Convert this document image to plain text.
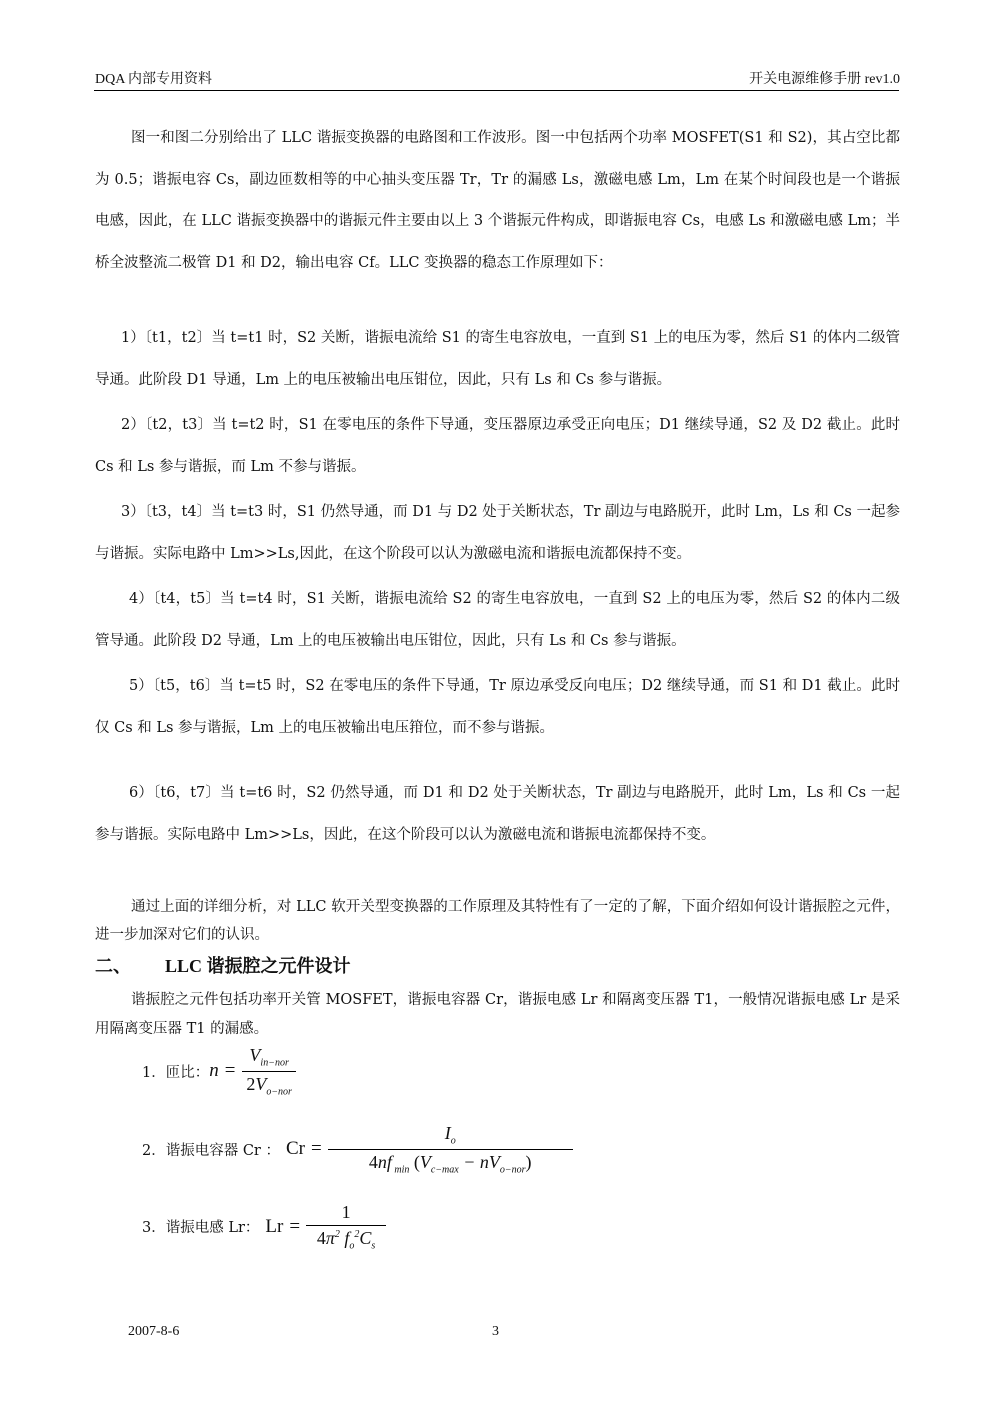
DQA 内部专用资料	开关电源维修手册 rev1.0
图一和图二分别给出了 LLC 谐振变换器的电路图和工作波形。图一中包括两个功率 MOSFET(S1 和 S2)，其占空比都为 0.5；谐振电容 Cs，副边匝数相等的中心抽头变压器 Tr，Tr 的漏感 Ls，激磁电感 Lm，Lm 在某个时间段也是一个谐振电感，因此，在 LLC 谐振变换器中的谐振元件主要由以上 3 个谐振元件构成，即谐振电容 Cs，电感 Ls 和激磁电感 Lm；半桥全波整流二极管 D1 和 D2，输出电容 Cf。LLC 变换器的稳态工作原理如下：
1）〔t1，t2〕当 t=t1 时，S2 关断，谐振电流给 S1 的寄生电容放电，一直到 S1 上的电压为零，然后 S1 的体内二级管导通。此阶段 D1 导通，Lm 上的电压被输出电压钳位，因此，只有 Ls 和 Cs 参与谐振。
2）〔t2，t3〕当 t=t2 时，S1 在零电压的条件下导通，变压器原边承受正向电压；D1 继续导通，S2 及 D2 截止。此时 Cs 和 Ls 参与谐振，而 Lm 不参与谐振。
3）〔t3，t4〕当 t=t3 时，S1 仍然导通，而 D1 与 D2 处于关断状态，Tr 副边与电路脱开，此时 Lm，Ls 和 Cs 一起参与谐振。实际电路中 Lm>>Ls,因此，在这个阶段可以认为激磁电流和谐振电流都保持不变。
4）〔t4，t5〕当 t=t4 时，S1 关断，谐振电流给 S2 的寄生电容放电，一直到 S2 上的电压为零，然后 S2 的体内二级管导通。此阶段 D2 导通，Lm 上的电压被输出电压钳位，因此，只有 Ls 和 Cs 参与谐振。
5）〔t5，t6〕当 t=t5 时，S2 在零电压的条件下导通，Tr 原边承受反向电压；D2 继续导通，而 S1 和 D1 截止。此时仅 Cs 和 Ls 参与谐振，Lm 上的电压被输出电压箝位，而不参与谐振。
6）〔t6，t7〕当 t=t6 时，S2 仍然导通，而 D1 和 D2 处于关断状态，Tr 副边与电路脱开，此时 Lm，Ls 和 Cs 一起参与谐振。实际电路中 Lm>>Ls，因此，在这个阶段可以认为激磁电流和谐振电流都保持不变。
通过上面的详细分析，对 LLC 软开关型变换器的工作原理及其特性有了一定的了解，下面介绍如何设计谐振腔之元件，进一步加深对它们的认识。
二、 LLC 谐振腔之元件设计
谐振腔之元件包括功率开关管 MOSFET，谐振电容器 Cr，谐振电感 Lr 和隔离变压器 T1，一般情况谐振电感 Lr 是采用隔离变压器 T1 的漏感。
1．匝比： $n = \frac{V_{in-nor}}{2V_{o-nor}}$
2．谐振电容器 Cr ： $Cr = \frac{I_o}{4nf _{min} (V_{c-max} - nV_{o-nor})}$
3．谐振电感 Lr： $Lr = \frac{1}{4\pi^2 f_o^2C_s}$
2007-8-6	3
